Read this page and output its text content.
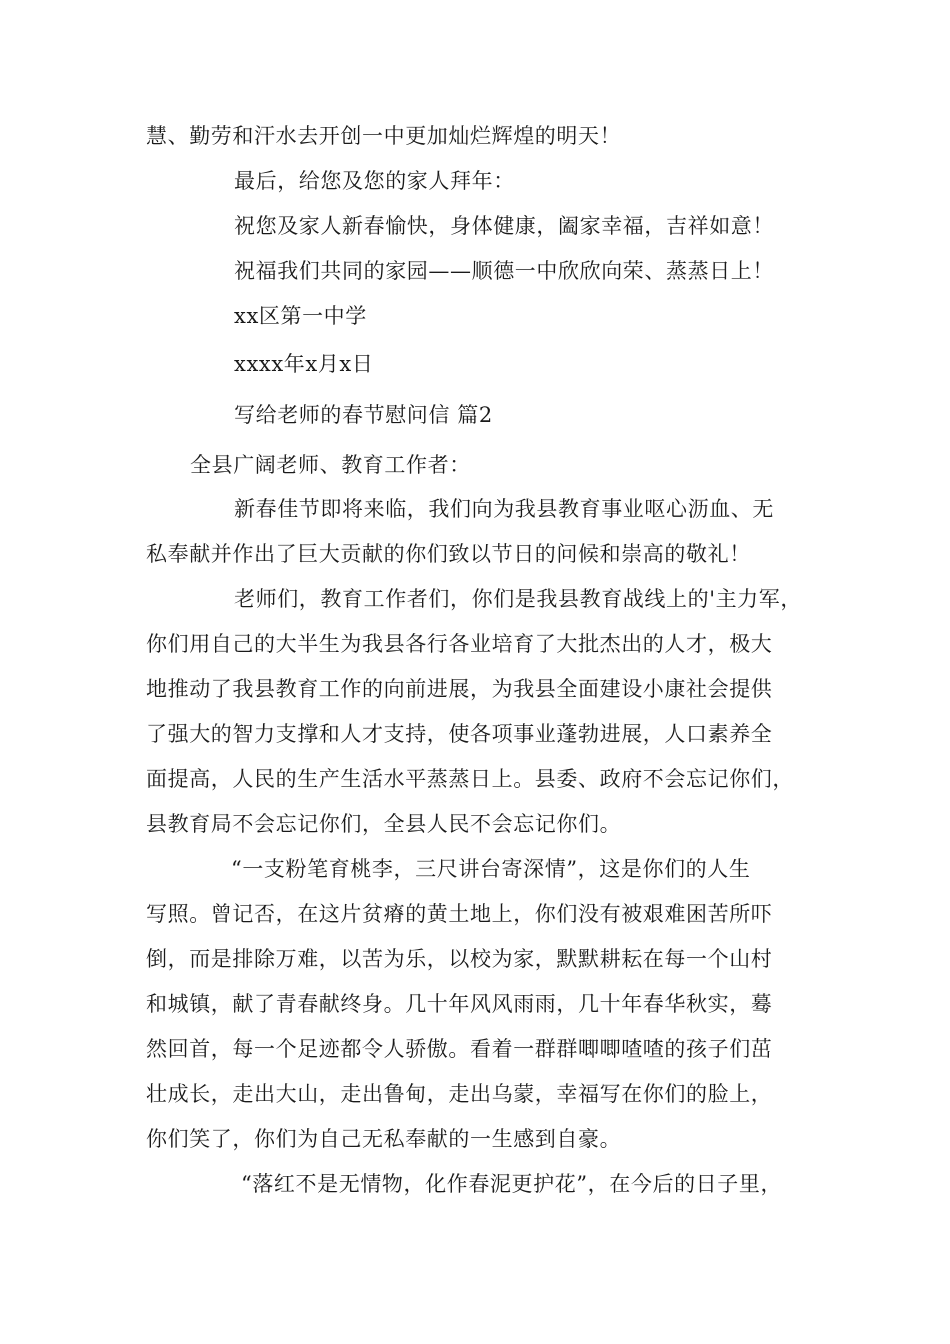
慧、勤劳和汗水去开创一中更加灿烂辉煌的明天！
最后，给您及您的家人拜年：
祝您及家人新春愉快，身体健康，阖家幸福，吉祥如意！
祝福我们共同的家园——顺德一中欣欣向荣、蒸蒸日上！
xx区第一中学
xxxx年x月x日
写给老师的春节慰问信 篇2
全县广阔老师、教育工作者：
新春佳节即将来临，我们向为我县教育事业呕心沥血、无
私奉献并作出了巨大贡献的你们致以节日的问候和崇高的敬礼！
老师们，教育工作者们，你们是我县教育战线上的'主力军，
你们用自己的大半生为我县各行各业培育了大批杰出的人才，极大
地推动了我县教育工作的向前进展，为我县全面建设小康社会提供
了强大的智力支撑和人才支持，使各项事业蓬勃进展，人口素养全
面提高，人民的生产生活水平蒸蒸日上。县委、政府不会忘记你们，
县教育局不会忘记你们，全县人民不会忘记你们。
“一支粉笔育桃李，三尺讲台寄深情”，这是你们的人生
写照。曾记否，在这片贫瘠的黄土地上，你们没有被艰难困苦所吓
倒，而是排除万难，以苦为乐，以校为家，默默耕耘在每一个山村
和城镇，献了青春献终身。几十年风风雨雨，几十年春华秋实，蓦
然回首，每一个足迹都令人骄傲。看着一群群唧唧喳喳的孩子们茁
壮成长，走出大山，走出鲁甸，走出乌蒙，幸福写在你们的脸上，
你们笑了，你们为自己无私奉献的一生感到自豪。
“落红不是无情物，化作春泥更护花”，在今后的日子里，
